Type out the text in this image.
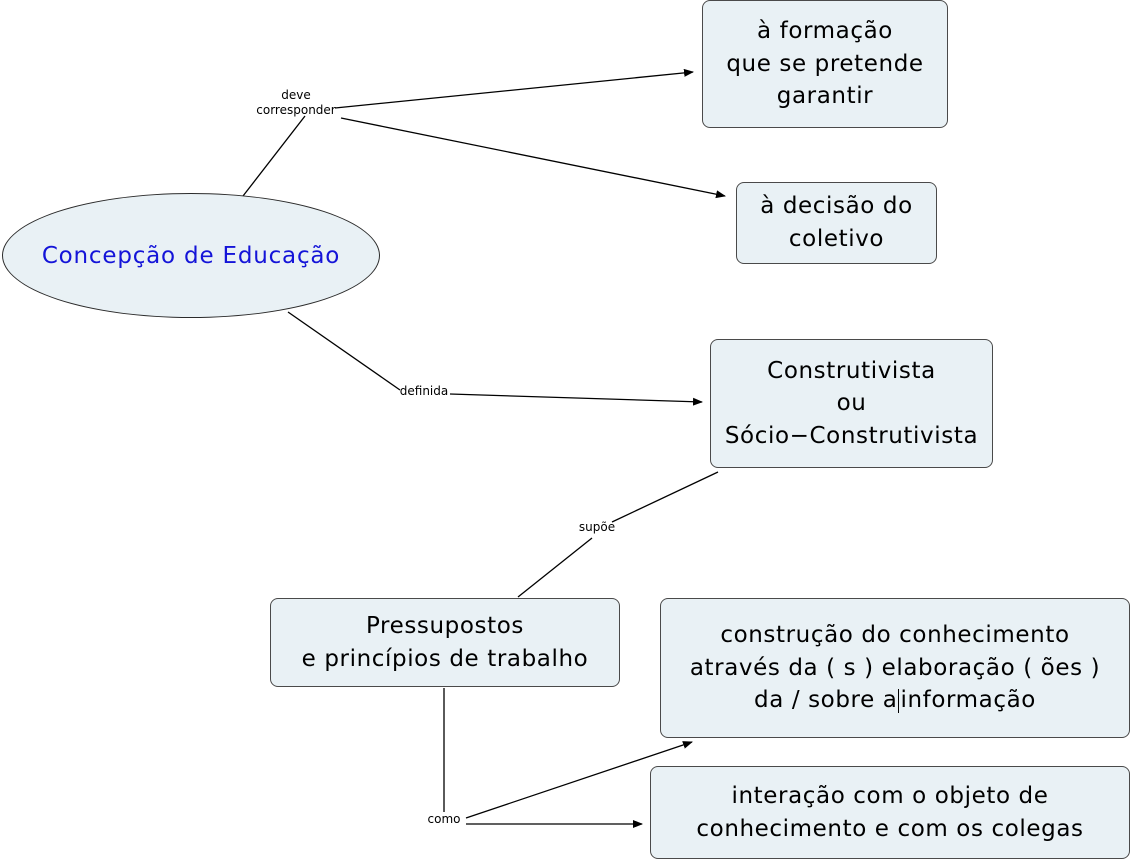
Concepção de Educação
à formação
que se pretende
garantir
à decisão do
coletivo
Construtivista
ou
Sócio−Construtivista
Pressupostos
e princípios de trabalho
construção do conhecimento
através da ( s ) elaboração ( ões )
da / sobre a informação
interação com o objeto de
conhecimento e com os colegas
deve
corresponder
definida
supõe
como
